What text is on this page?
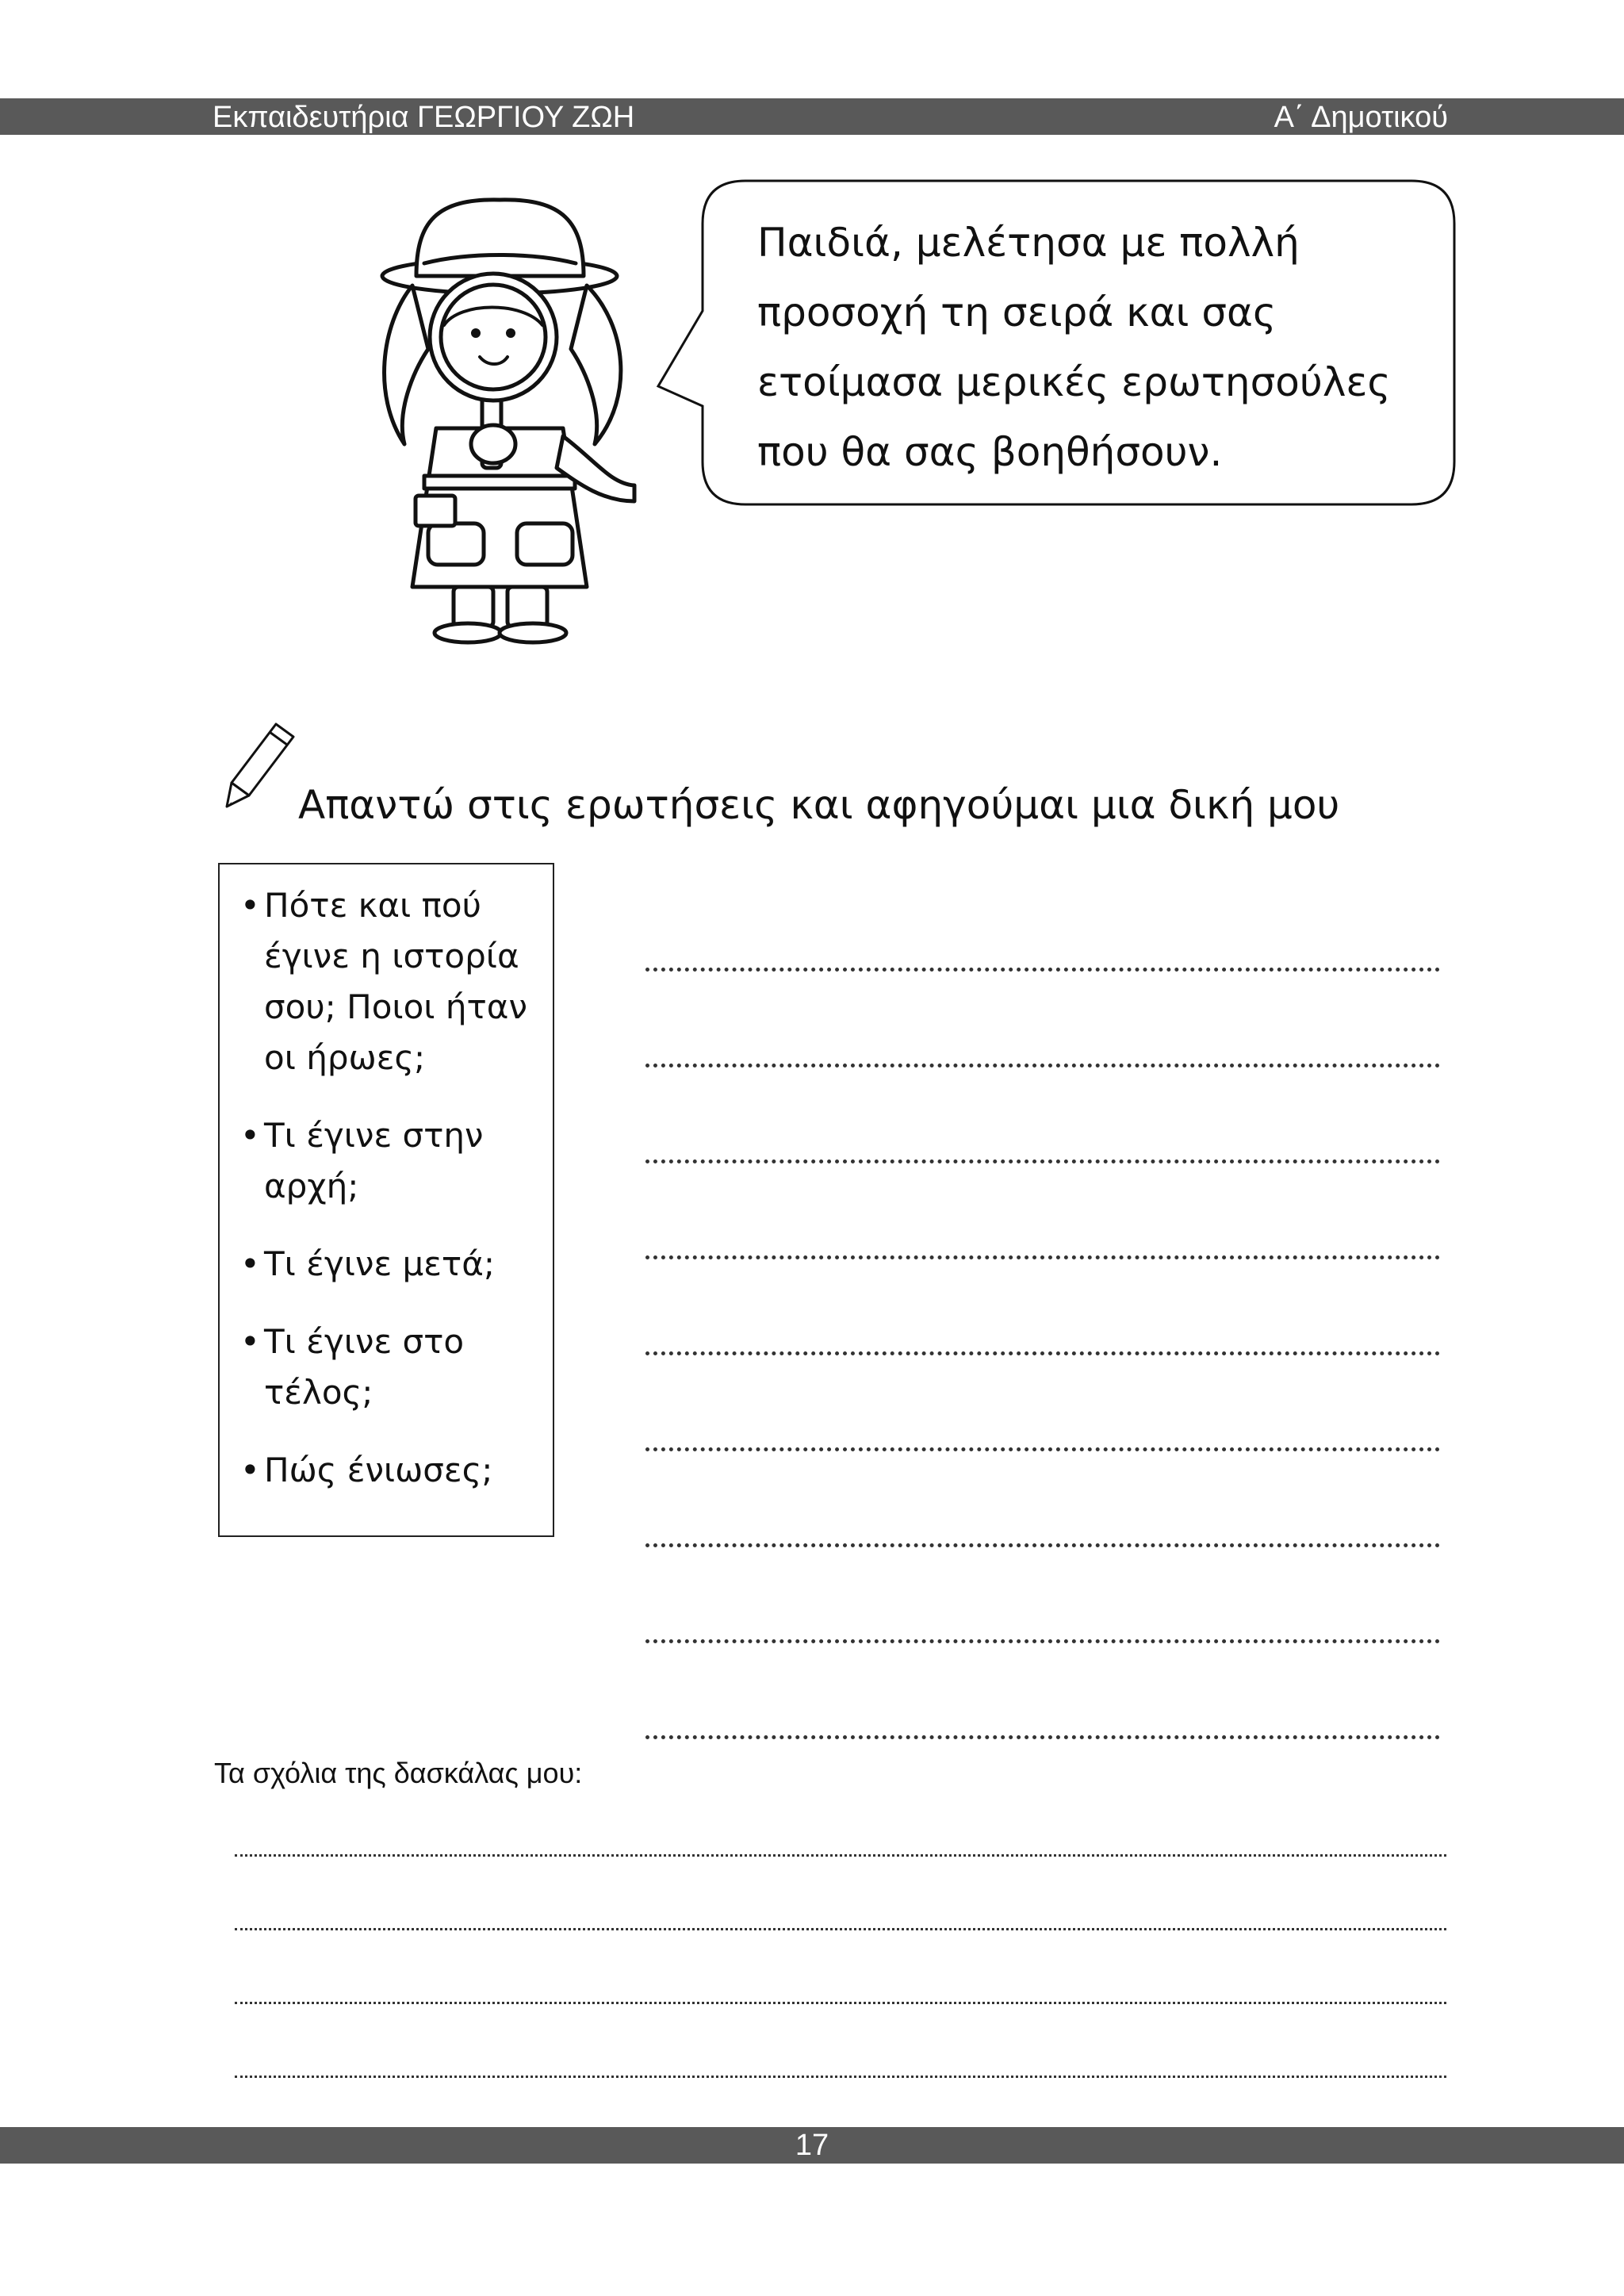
Εκπαιδευτήρια ΓΕΩΡΓΙΟΥ ΖΩΗ	Α΄ Δημοτικού
Παιδιά, μελέτησα με πολλή
προσοχή τη σειρά και σας
ετοίμασα μερικές ερωτησούλες
που θα σας βοηθήσουν.
Απαντώ στις ερωτήσεις και αφηγούμαι μια δική μου
• Πότε και πού έγινε η ιστορία σου; Ποιοι ήταν οι ήρωες;
• Τι έγινε στην αρχή;
• Τι έγινε μετά;
• Τι έγινε στο τέλος;
• Πώς ένιωσες;
Τα σχόλια της δασκάλας μου:
17
